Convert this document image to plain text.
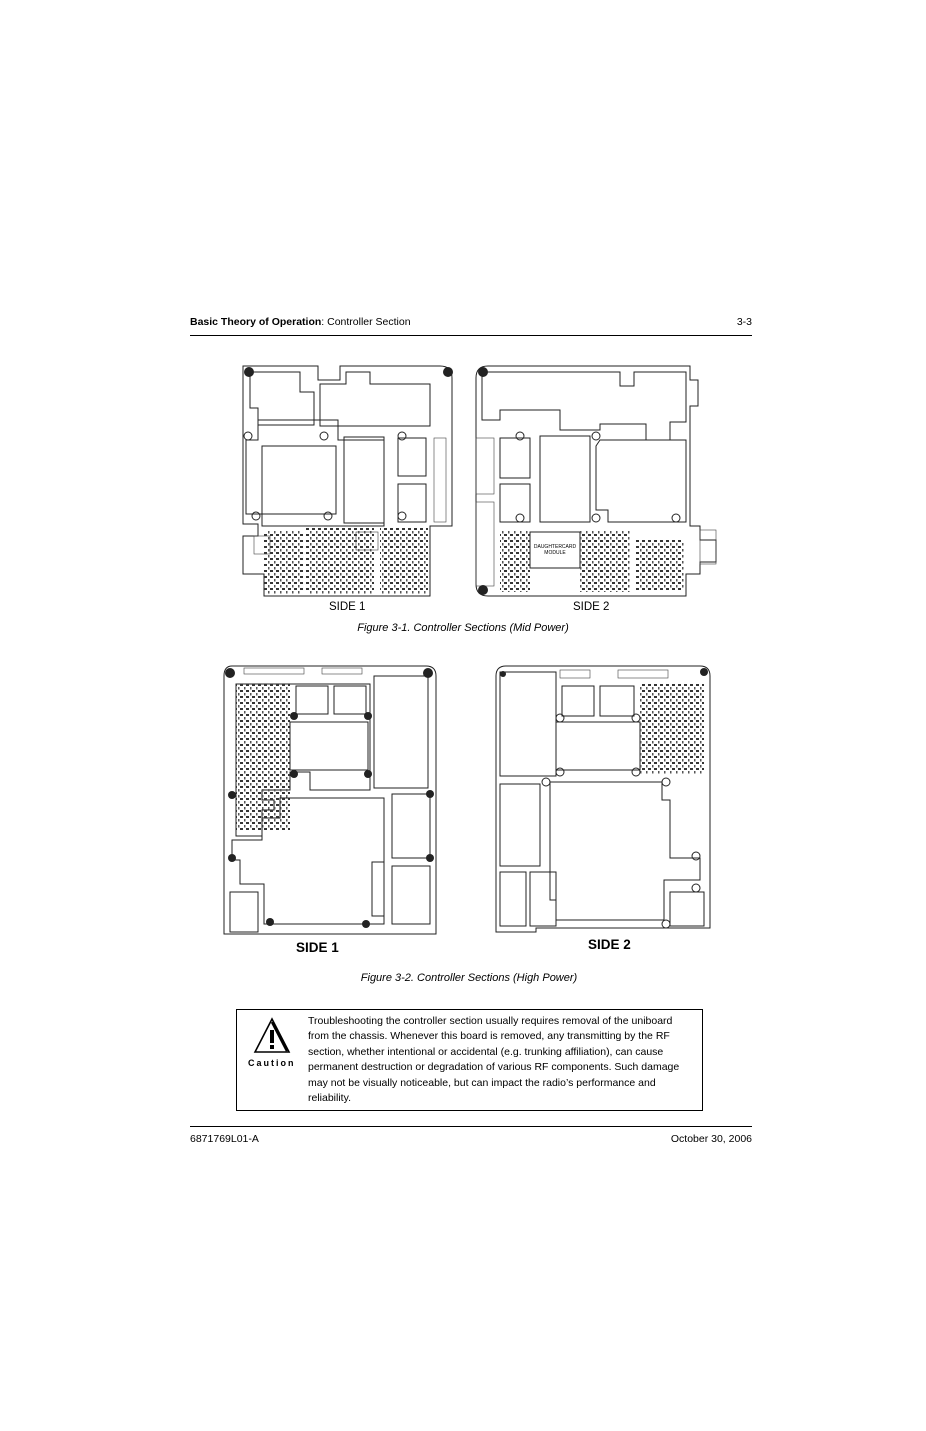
Basic Theory of Operation: Controller Section	3-3
DAUGHTERCARD
MODULE
SIDE 1	SIDE 2
Figure 3-1. Controller Sections (Mid Power)
SIDE 1	SIDE 2
Figure 3-2. Controller Sections (High Power)
Caution
Troubleshooting the controller section usually requires removal of the uniboard from the chassis. Whenever this board is removed, any transmitting by the RF section, whether intentional or accidental (e.g. trunking affiliation), can cause permanent destruction or degradation of various RF components. Such damage may not be visually noticeable, but can impact the radio’s performance and reliability.
6871769L01-A	October 30, 2006
